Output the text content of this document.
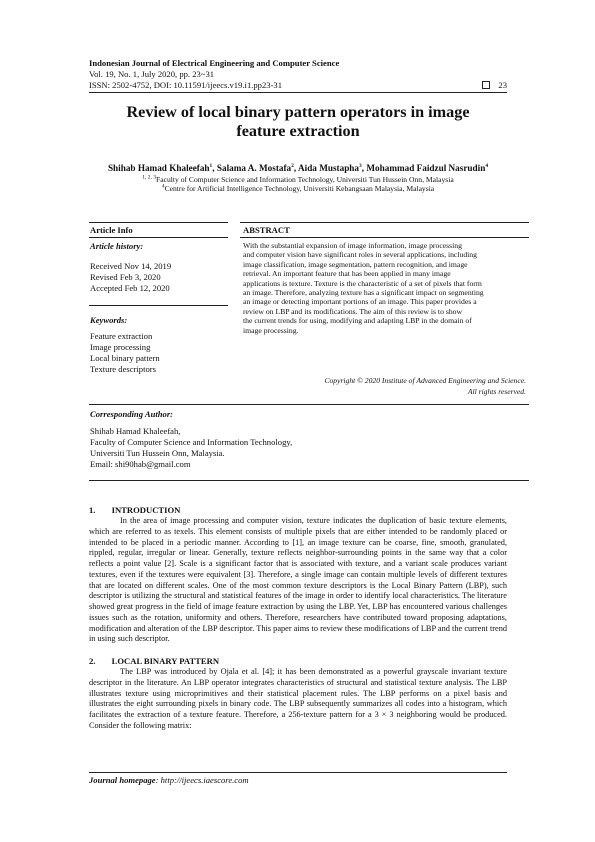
Indonesian Journal of Electrical Engineering and Computer Science
Vol. 19, No. 1, July 2020, pp. 23~31
ISSN: 2502-4752, DOI: 10.11591/ijeecs.v19.i1.pp23-31	23
Review of local binary pattern operators in image
feature extraction
Shihab Hamad Khaleefah$^1$, Salama A. Mostafa$^2$, Aida Mustapha$^3$, Mohammad Faidzul Nasrudin$^4$
$^{1, 2, 3}$Faculty of Computer Science and Information Technology, Universiti Tun Hussein Onn, Malaysia
$^4$Centre for Artificial Intelligence Technology, Universiti Kebangsaan Malaysia, Malaysia
Article Info	ABSTRACT
Article history:
Received Nov 14, 2019
Revised Feb 3, 2020
Accepted Feb 12, 2020
Keywords:
Feature extraction
Image processing
Local binary pattern
Texture descriptors
With the substantial expansion of image information, image processing
and computer vision have significant roles in several applications, including
image classification, image segmentation, pattern recognition, and image
retrieval. An important feature that has been applied in many image
applications is texture. Texture is the characteristic of a set of pixels that form
an image. Therefore, analyzing texture has a significant impact on segmenting
an image or detecting important portions of an image. This paper provides a
review on LBP and its modifications. The aim of this review is to show
the current trends for using, modifying and adapting LBP in the domain of
image processing.
Copyright © 2020 Institute of Advanced Engineering and Science.
All rights reserved.
Corresponding Author:
Shihab Hamad Khaleefah,
Faculty of Computer Science and Information Technology,
Universiti Tun Hussein Onn, Malaysia.
Email: shi90hab@gmail.com
1. INTRODUCTION
In the area of image processing and computer vision, texture indicates the duplication of basic texture elements, which are referred to as texels. This element consists of multiple pixels that are either intended to be randomly placed or intended to be placed in a periodic manner. According to [1], an image texture can be coarse, fine, smooth, granulated, rippled, regular, irregular or linear. Generally, texture reflects neighbor-surrounding points in the same way that a color reflects a point value [2]. Scale is a significant factor that is associated with texture, and a variant scale produces variant textures, even if the textures were equivalent [3]. Therefore, a single image can contain multiple levels of different textures that are located on different scales. One of the most common texture descriptors is the Local Binary Pattern (LBP), such descriptor is utilizing the structural and statistical features of the image in order to identify local characteristics. The literature showed great progress in the field of image feature extraction by using the LBP. Yet, LBP has encountered various challenges issues such as the rotation, uniformity and others. Therefore, researchers have contributed toward proposing adaptations, modification and alteration of the LBP descriptor. This paper aims to review these modifications of LBP and the current trend in using such descriptor.
2. LOCAL BINARY PATTERN
The LBP was introduced by Ojala et al. [4]; it has been demonstrated as a powerful grayscale invariant texture descriptor in the literature. An LBP operator integrates characteristics of structural and statistical texture analysis. The LBP illustrates texture using microprimitives and their statistical placement rules. The LBP performs on a pixel basis and illustrates the eight surrounding pixels in binary code. The LBP subsequently summarizes all codes into a histogram, which facilitates the extraction of a texture feature. Therefore, a 256-texture pattern for a 3 × 3 neighboring would be produced. Consider the following matrix:
Journal homepage: http://ijeecs.iaescore.com
